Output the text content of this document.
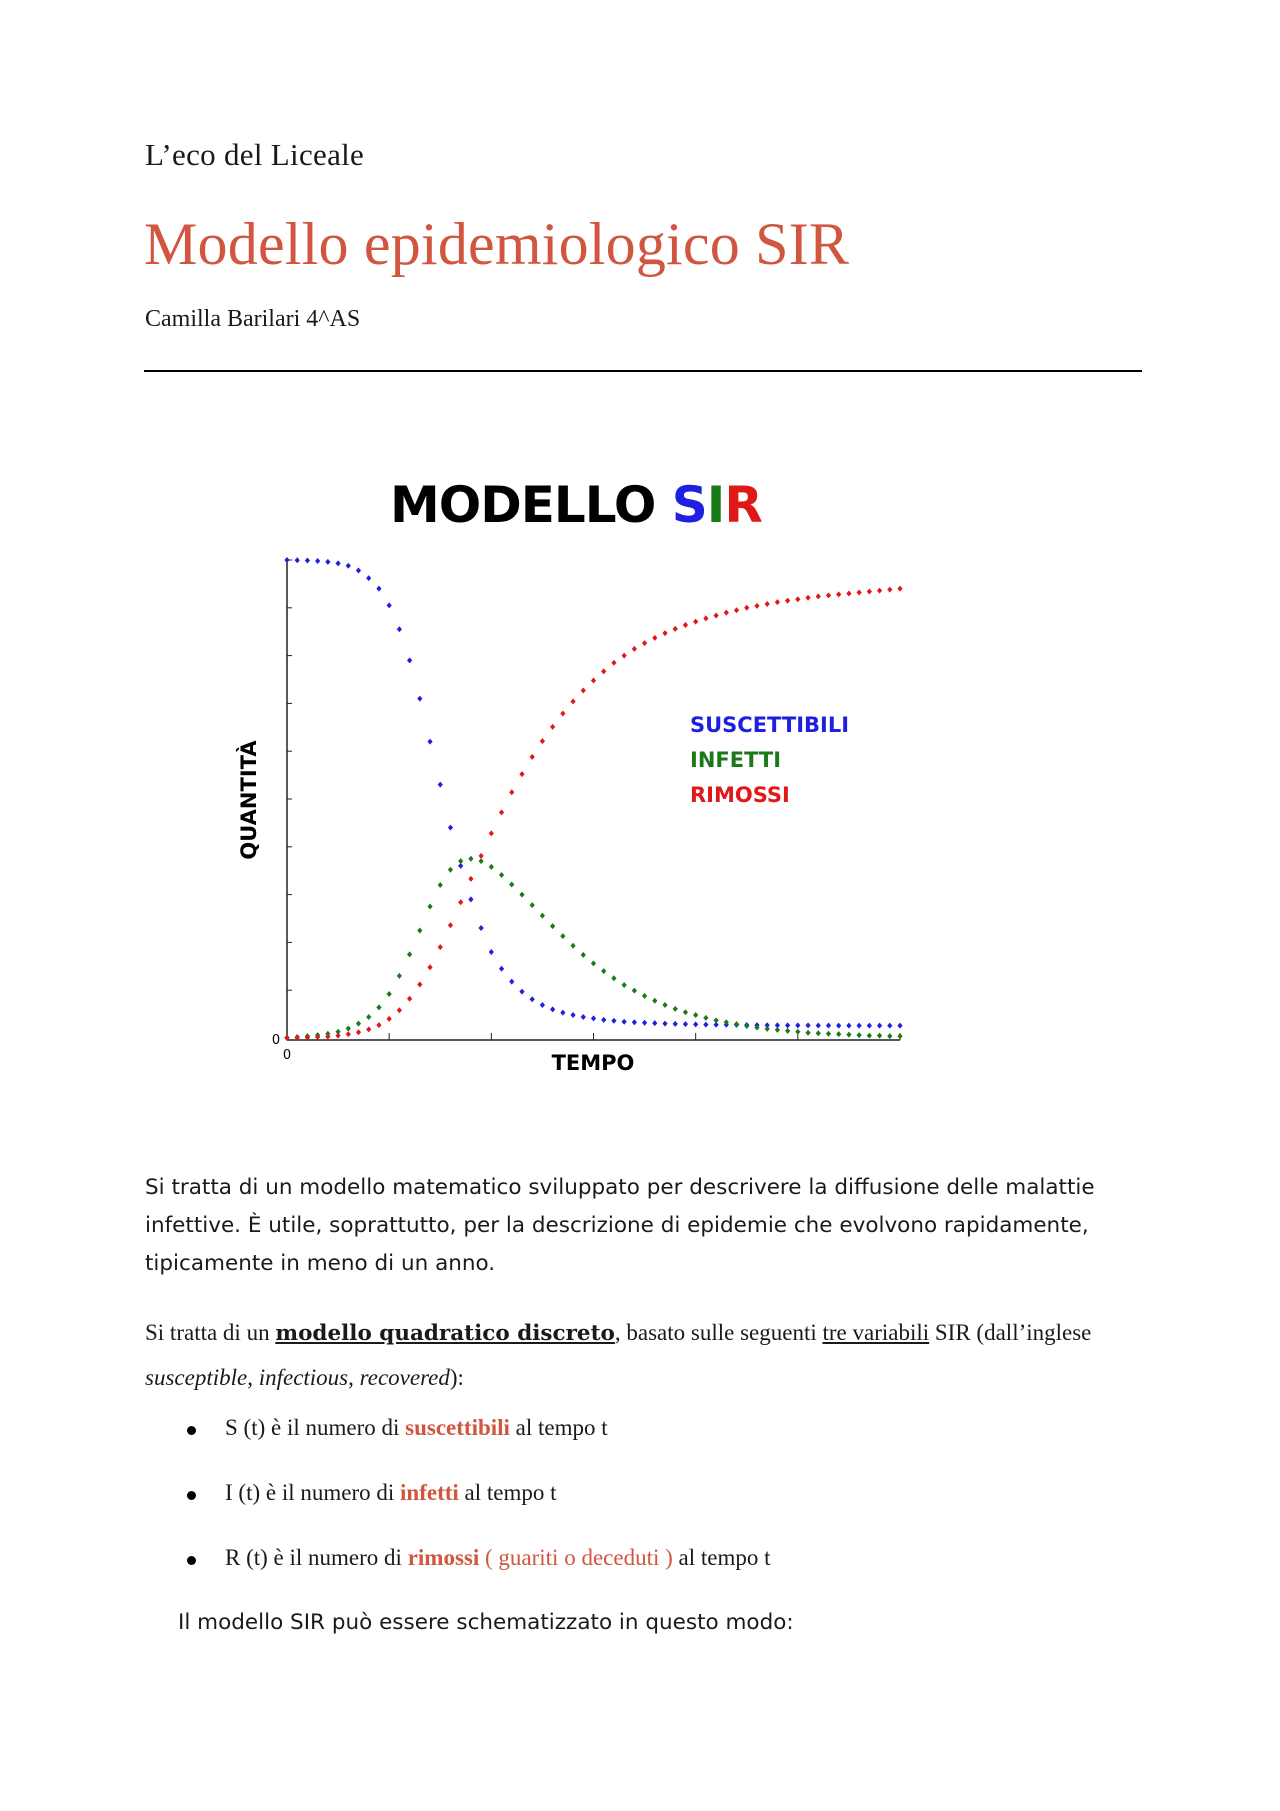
L’eco del Liceale
Modello epidemiologico SIR
Camilla Barilari 4^AS
MODELLO SIR
0
0	TEMPO
QUANTITÀ
SUSCETTIBILI
INFETTI
RIMOSSI
Si tratta di un modello matematico sviluppato per descrivere la diffusione delle malattie infettive. È utile, soprattutto, per la descrizione di epidemie che evolvono rapidamente, tipicamente in meno di un anno.
Si tratta di un modello quadratico discreto, basato sulle seguenti tre variabili SIR (dall’inglese susceptible, infectious, recovered):
S (t) è il numero di suscettibili al tempo t
I (t) è il numero di infetti al tempo t
R (t) è il numero di rimossi ( guariti o deceduti ) al tempo t
Il modello SIR può essere schematizzato in questo modo:
